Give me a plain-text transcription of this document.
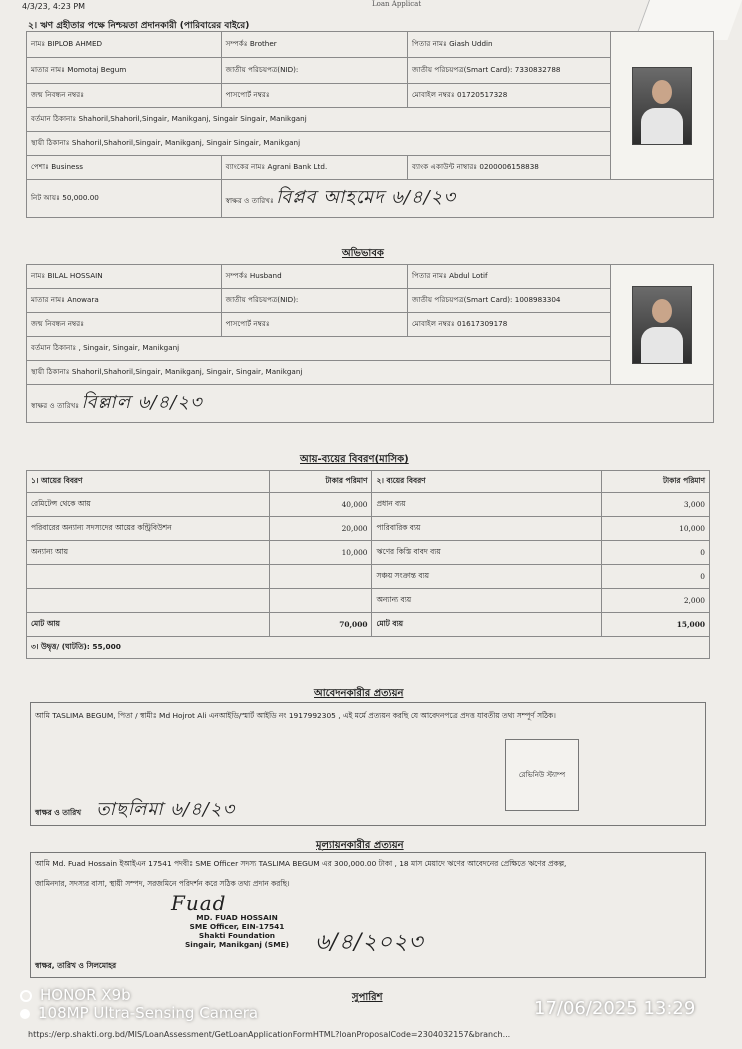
4/3/23, 4:23 PM	Loan Applicat
২। ঋণ গ্রহীতার পক্ষে নিশ্চয়তা প্রদানকারী (পারিবারের বাইরে)
নামঃ BIPLOB AHMED	সম্পর্কঃ Brother	পিতার নামঃ Giash Uddin	

মাতার নামঃ Momotaj Begum	জাতীয় পরিচয়পত্র(NID):	জাতীয় পরিচয়পত্র(Smart Card): 7330832788	
জন্ম নিবন্ধন নম্বরঃ	পাসপোর্ট নম্বরঃ	মোবাইল নম্বরঃ 01720517328	
বর্তমান ঠিকানাঃ Shahoril,Shahoril,Singair, Manikganj, Singair Singair, Manikganj			
স্থায়ী ঠিকানাঃ Shahoril,Shahoril,Singair, Manikganj, Singair Singair, Manikganj			
পেশাঃ Business	ব্যাংকের নামঃ Agrani Bank Ltd.	ব্যাংক একাউন্ট নাম্বারঃ 0200006158838	
নিট আয়ঃ 50,000.00	স্বাক্ষর ও তারিখঃ বিপ্লব আহমেদ ৬/৪/২৩		
অভিভাবক
নামঃ BILAL HOSSAIN	সম্পর্কঃ Husband	পিতার নামঃ Abdul Lotif	

মাতার নামঃ Anowara	জাতীয় পরিচয়পত্র(NID):	জাতীয় পরিচয়পত্র(Smart Card): 1008983304	
জন্ম নিবন্ধন নম্বরঃ	পাসপোর্ট নম্বরঃ	মোবাইল নম্বরঃ 01617309178	
বর্তমান ঠিকানাঃ , Singair, Singair, Manikganj			
স্থায়ী ঠিকানাঃ Shahoril,Shahoril,Singair, Manikganj, Singair, Singair, Manikganj			
স্বাক্ষর ও তারিখঃ বিল্লাল ৬/৪/২৩			
আয়-ব্যয়ের বিবরণ(মাসিক)
১। আয়ের বিবরণ	টাকার পরিমাণ	২। ব্যয়ের বিবরণ	টাকার পরিমাণ
রেমিটেন্স থেকে আয়	40,000	প্রধান ব্যয়	3,000
পরিবারের অন্যান্য সদস্যদের আয়ের কন্ট্রিবিউশন	20,000	পারিবারিক ব্যয়	10,000
অন্যান্য আয়	10,000	ঋণের কিস্তি বাবদ ব্যয়	0
		সঞ্চয় সংক্রান্ত ব্যয়	0
		অন্যান্য ব্যয়	2,000
মোট আয়	70,000	মোট ব্যয়	15,000
৩। উদ্বৃত্ত/ (ঘাটতি): 55,000			
আবেদনকারীর প্রত্যয়ন
আমি TASLIMA BEGUM, পিতা / স্বামীঃ Md Hojrot Ali এনআইডি/স্মার্ট আইডি নং 1917992305 , এই মর্মে প্রত্যয়ন করছি যে আবেদনপত্রে প্রদত্ত যাবতীয় তথ্য সম্পূর্ণ সঠিক।
রেভিনিউ স্ট্যাম্প
স্বাক্ষর ও তারিখ তাছলিমা ৬/৪/২৩
মূল্যায়নকারীর প্রত্যয়ন
আমি Md. Fuad Hossain ইআইএন 17541 পদবীঃ SME Officer সদস্য TASLIMA BEGUM এর 300,000.00 টাকা , 18 মাস মেয়াদে ঋণের আবেদনের প্রেক্ষিতে ঋণের প্রকল্প,
জামিনদার, সদস্যর বাসা, স্থায়ী সম্পদ, সরজমিনে পরিদর্শন করে সঠিক তথ্য প্রদান করছি।
Fuad
MD. FUAD HOSSAIN
SME Officer, EIN-17541
Shakti Foundation
Singair, Manikganj (SME)	৬/৪/২০২৩
স্বাক্ষর, তারিখ ও সিলমোহর
সুপারিশ
HONOR X9b
108MP Ultra-Sensing Camera	17/06/2025 13:29
https://erp.shakti.org.bd/MIS/LoanAssessment/GetLoanApplicationFormHTML?loanProposalCode=2304032157&branch...
